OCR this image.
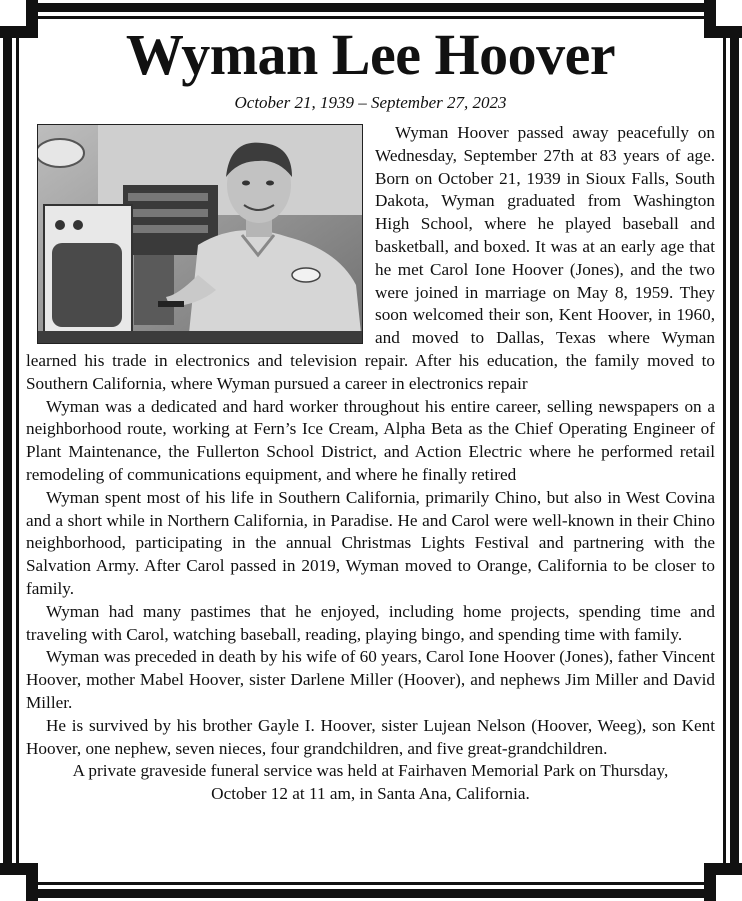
Wyman Lee Hoover
October 21, 1939 – September 27, 2023

Wyman Hoover passed away peacefully on Wednesday, September 27th at 83 years of age. Born on October 21, 1939 in Sioux Falls, South Dakota, Wyman graduated from Washington High School, where he played baseball and basketball, and boxed. It was at an early age that he met Carol Ione Hoover (Jones), and the two were joined in marriage on May 8, 1959. They soon welcomed their son, Kent Hoover, in 1960, and moved to Dallas, Texas where Wyman learned his trade in electronics and television repair. After his education, the family moved to Southern California, where Wyman pursued a career in electronics repair

Wyman was a dedicated and hard worker throughout his entire career, selling newspapers on a neighborhood route, working at Fern’s Ice Cream, Alpha Beta as the Chief Operating Engineer of Plant Maintenance, the Fullerton School District, and Action Electric where he performed retail remodeling of communications equipment, and where he finally retired

Wyman spent most of his life in Southern California, primarily Chino, but also in West Covina and a short while in Northern California, in Paradise. He and Carol were well-known in their Chino neighborhood, participating in the annual Christmas Lights Festival and partnering with the Salvation Army. After Carol passed in 2019, Wyman moved to Orange, California to be closer to family.

Wyman had many pastimes that he enjoyed, including home projects, spending time and traveling with Carol, watching baseball, reading, playing bingo, and spending time with family.

Wyman was preceded in death by his wife of 60 years, Carol Ione Hoover (Jones), father Vincent Hoover, mother Mabel Hoover, sister Darlene Miller (Hoover), and nephews Jim Miller and David Miller.

He is survived by his brother Gayle I. Hoover, sister Lujean Nelson (Hoover, Weeg), son Kent Hoover, one nephew, seven nieces, four grandchildren, and five great-grandchildren.

A private graveside funeral service was held at Fairhaven Memorial Park on Thursday, October 12 at 11 am, in Santa Ana, California.
